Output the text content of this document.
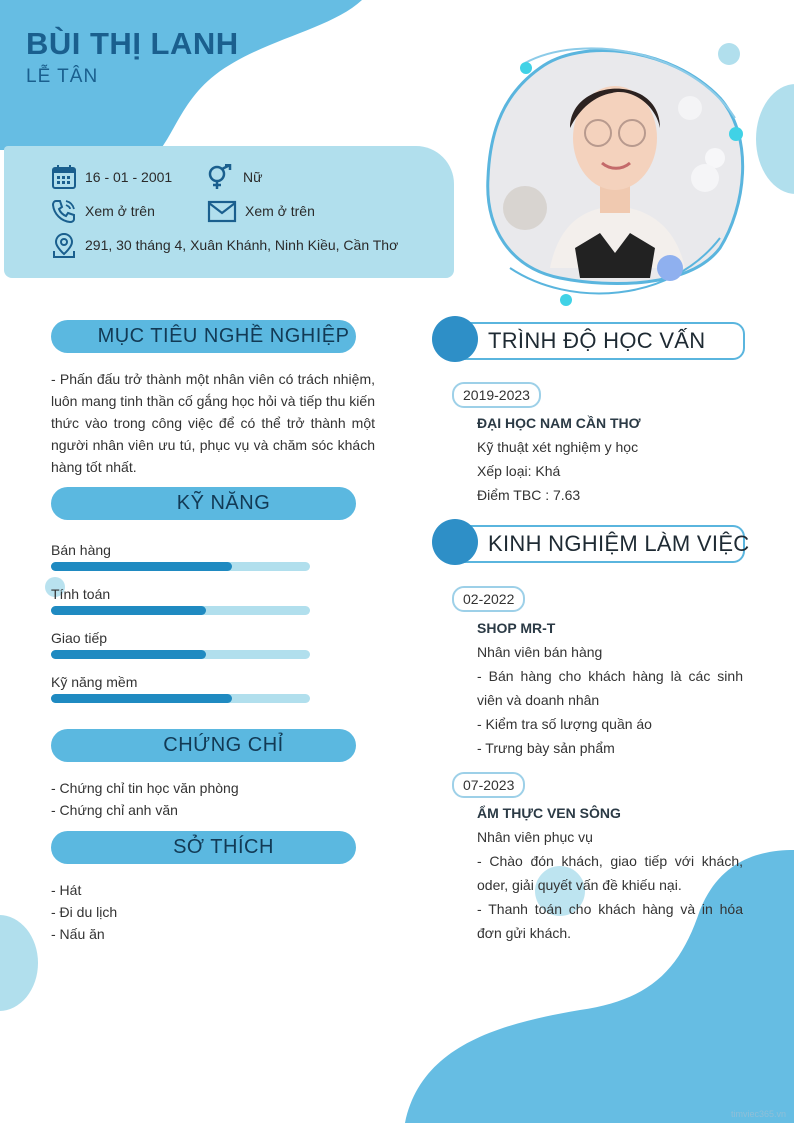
BÙI THỊ LANH
LỄ TÂN
16 - 01 - 2001	Nữ
Xem ở trên	Xem ở trên
291, 30 tháng 4, Xuân Khánh, Ninh Kiều, Cần Thơ
MỤC TIÊU NGHỀ NGHIỆP
- Phấn đấu trở thành một nhân viên có trách nhiệm, luôn mang tinh thần cố gắng học hỏi và tiếp thu kiến thức vào trong công việc để có thể trở thành một người nhân viên ưu tú, phục vụ và chăm sóc khách hàng tốt nhất.
KỸ NĂNG
Bán hàng
Tính toán
Giao tiếp
Kỹ năng mềm
CHỨNG CHỈ
- Chứng chỉ tin học văn phòng
- Chứng chỉ anh văn
SỞ THÍCH
- Hát
- Đi du lịch
- Nấu ăn
TRÌNH ĐỘ HỌC VẤN
2019-2023
ĐẠI HỌC NAM CẦN THƠ
Kỹ thuật xét nghiệm y học
Xếp loại: Khá
Điểm TBC : 7.63
KINH NGHIỆM LÀM VIỆC
02-2022
SHOP MR-T
Nhân viên bán hàng
- Bán hàng cho khách hàng là các sinh viên và doanh nhân
- Kiểm tra số lượng quần áo
- Trưng bày sản phẩm
07-2023
ẨM THỰC VEN SÔNG
Nhân viên phục vụ
- Chào đón khách, giao tiếp với khách, oder, giải quyết vấn đề khiếu nại.
- Thanh toán cho khách hàng và in hóa đơn gửi khách.
timviec365.vn
